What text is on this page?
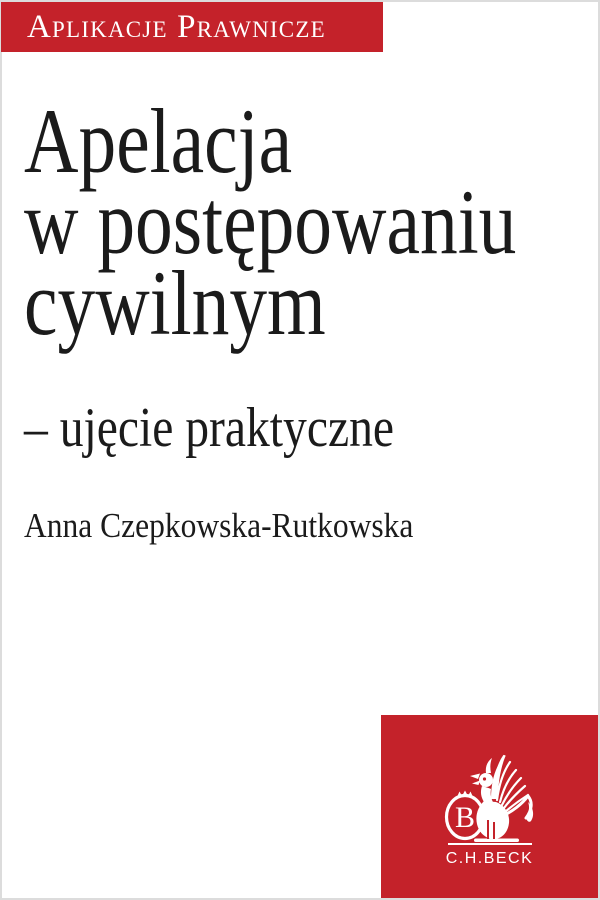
Aplikacje Prawnicze
Apelacja
w postępowaniu
cywilnym
– ujęcie praktyczne
Anna Czepkowska-Rutkowska
B
C.H.BECK
